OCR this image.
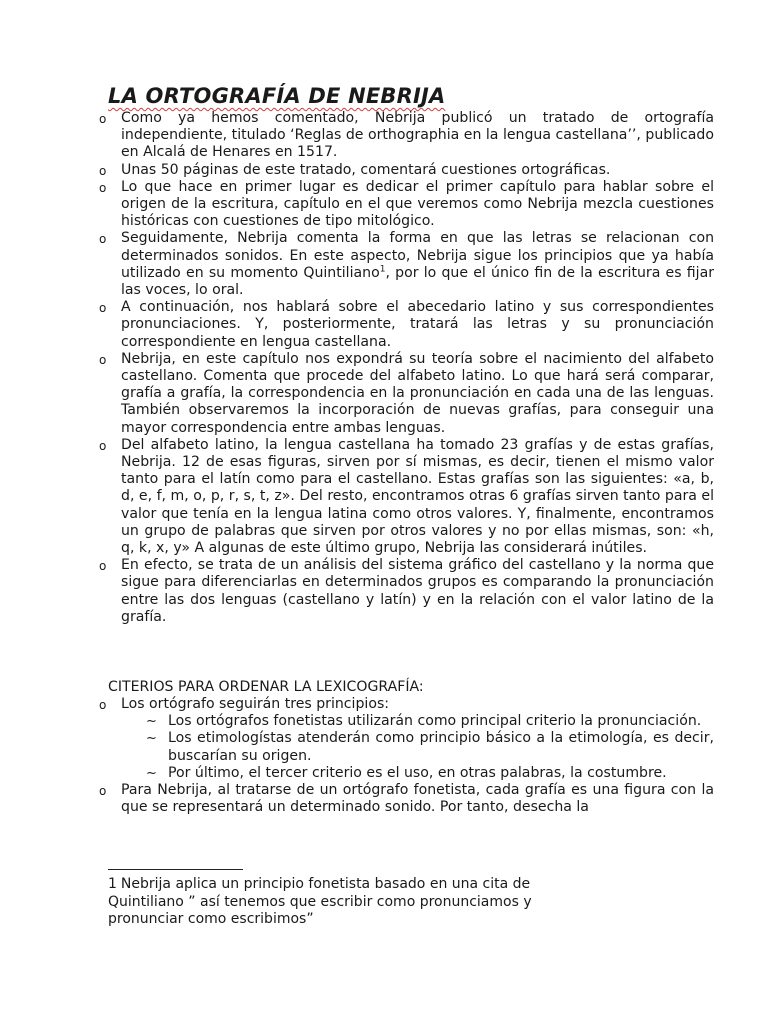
LA ORTOGRAFÍA DE NEBRIJA
o Como ya hemos comentado, Nebrija publicó un tratado de ortografía independiente, titulado ‘Reglas de orthographia en la lengua castellana’’, publicado en Alcalá de Henares en 1517.
o Unas 50 páginas de este tratado, comentará cuestiones ortográficas.
o Lo que hace en primer lugar es dedicar el primer capítulo para hablar sobre el origen de la escritura, capítulo en el que veremos como Nebrija mezcla cuestiones históricas con cuestiones de tipo mitológico.
o Seguidamente, Nebrija comenta la forma en que las letras se relacionan con determinados sonidos. En este aspecto, Nebrija sigue los principios que ya había utilizado en su momento Quintiliano$^1$, por lo que el único fin de la escritura es fijar las voces, lo oral.
o A continuación, nos hablará sobre el abecedario latino y sus correspondientes pronunciaciones. Y, posteriormente, tratará las letras y su pronunciación correspondiente en lengua castellana.
o Nebrija, en este capítulo nos expondrá su teoría sobre el nacimiento del alfabeto castellano. Comenta que procede del alfabeto latino. Lo que hará será comparar, grafía a grafía, la correspondencia en la pronunciación en cada una de las lenguas. También observaremos la incorporación de nuevas grafías, para conseguir una mayor correspondencia entre ambas lenguas.
o Del alfabeto latino, la lengua castellana ha tomado 23 grafías y de estas grafías, Nebrija. 12 de esas figuras, sirven por sí mismas, es decir, tienen el mismo valor tanto para el latín como para el castellano. Estas grafías son las siguientes: «a, b, d, e, f, m, o, p, r, s, t, z». Del resto, encontramos otras 6 grafías sirven tanto para el valor que tenía en la lengua latina como otros valores. Y, finalmente, encontramos un grupo de palabras que sirven por otros valores y no por ellas mismas, son: «h, q, k, x, y» A algunas de este último grupo, Nebrija las considerará inútiles.
o En efecto, se trata de un análisis del sistema gráfico del castellano y la norma que sigue para diferenciarlas en determinados grupos es comparando la pronunciación entre las dos lenguas (castellano y latín) y en la relación con el valor latino de la grafía.
CITERIOS PARA ORDENAR LA LEXICOGRAFÍA:
o Los ortógrafo seguirán tres principios:
~ Los ortógrafos fonetistas utilizarán como principal criterio la pronunciación.
~ Los etimologístas atenderán como principio básico a la etimología, es decir, buscarían su origen.
~ Por último, el tercer criterio es el uso, en otras palabras, la costumbre.
o Para Nebrija, al tratarse de un ortógrafo fonetista, cada grafía es una figura con la que se representará un determinado sonido. Por tanto, desecha la
1 Nebrija aplica un principio fonetista basado en una cita de Quintiliano ” así tenemos que escribir como pronunciamos y pronunciar como escribimos”
